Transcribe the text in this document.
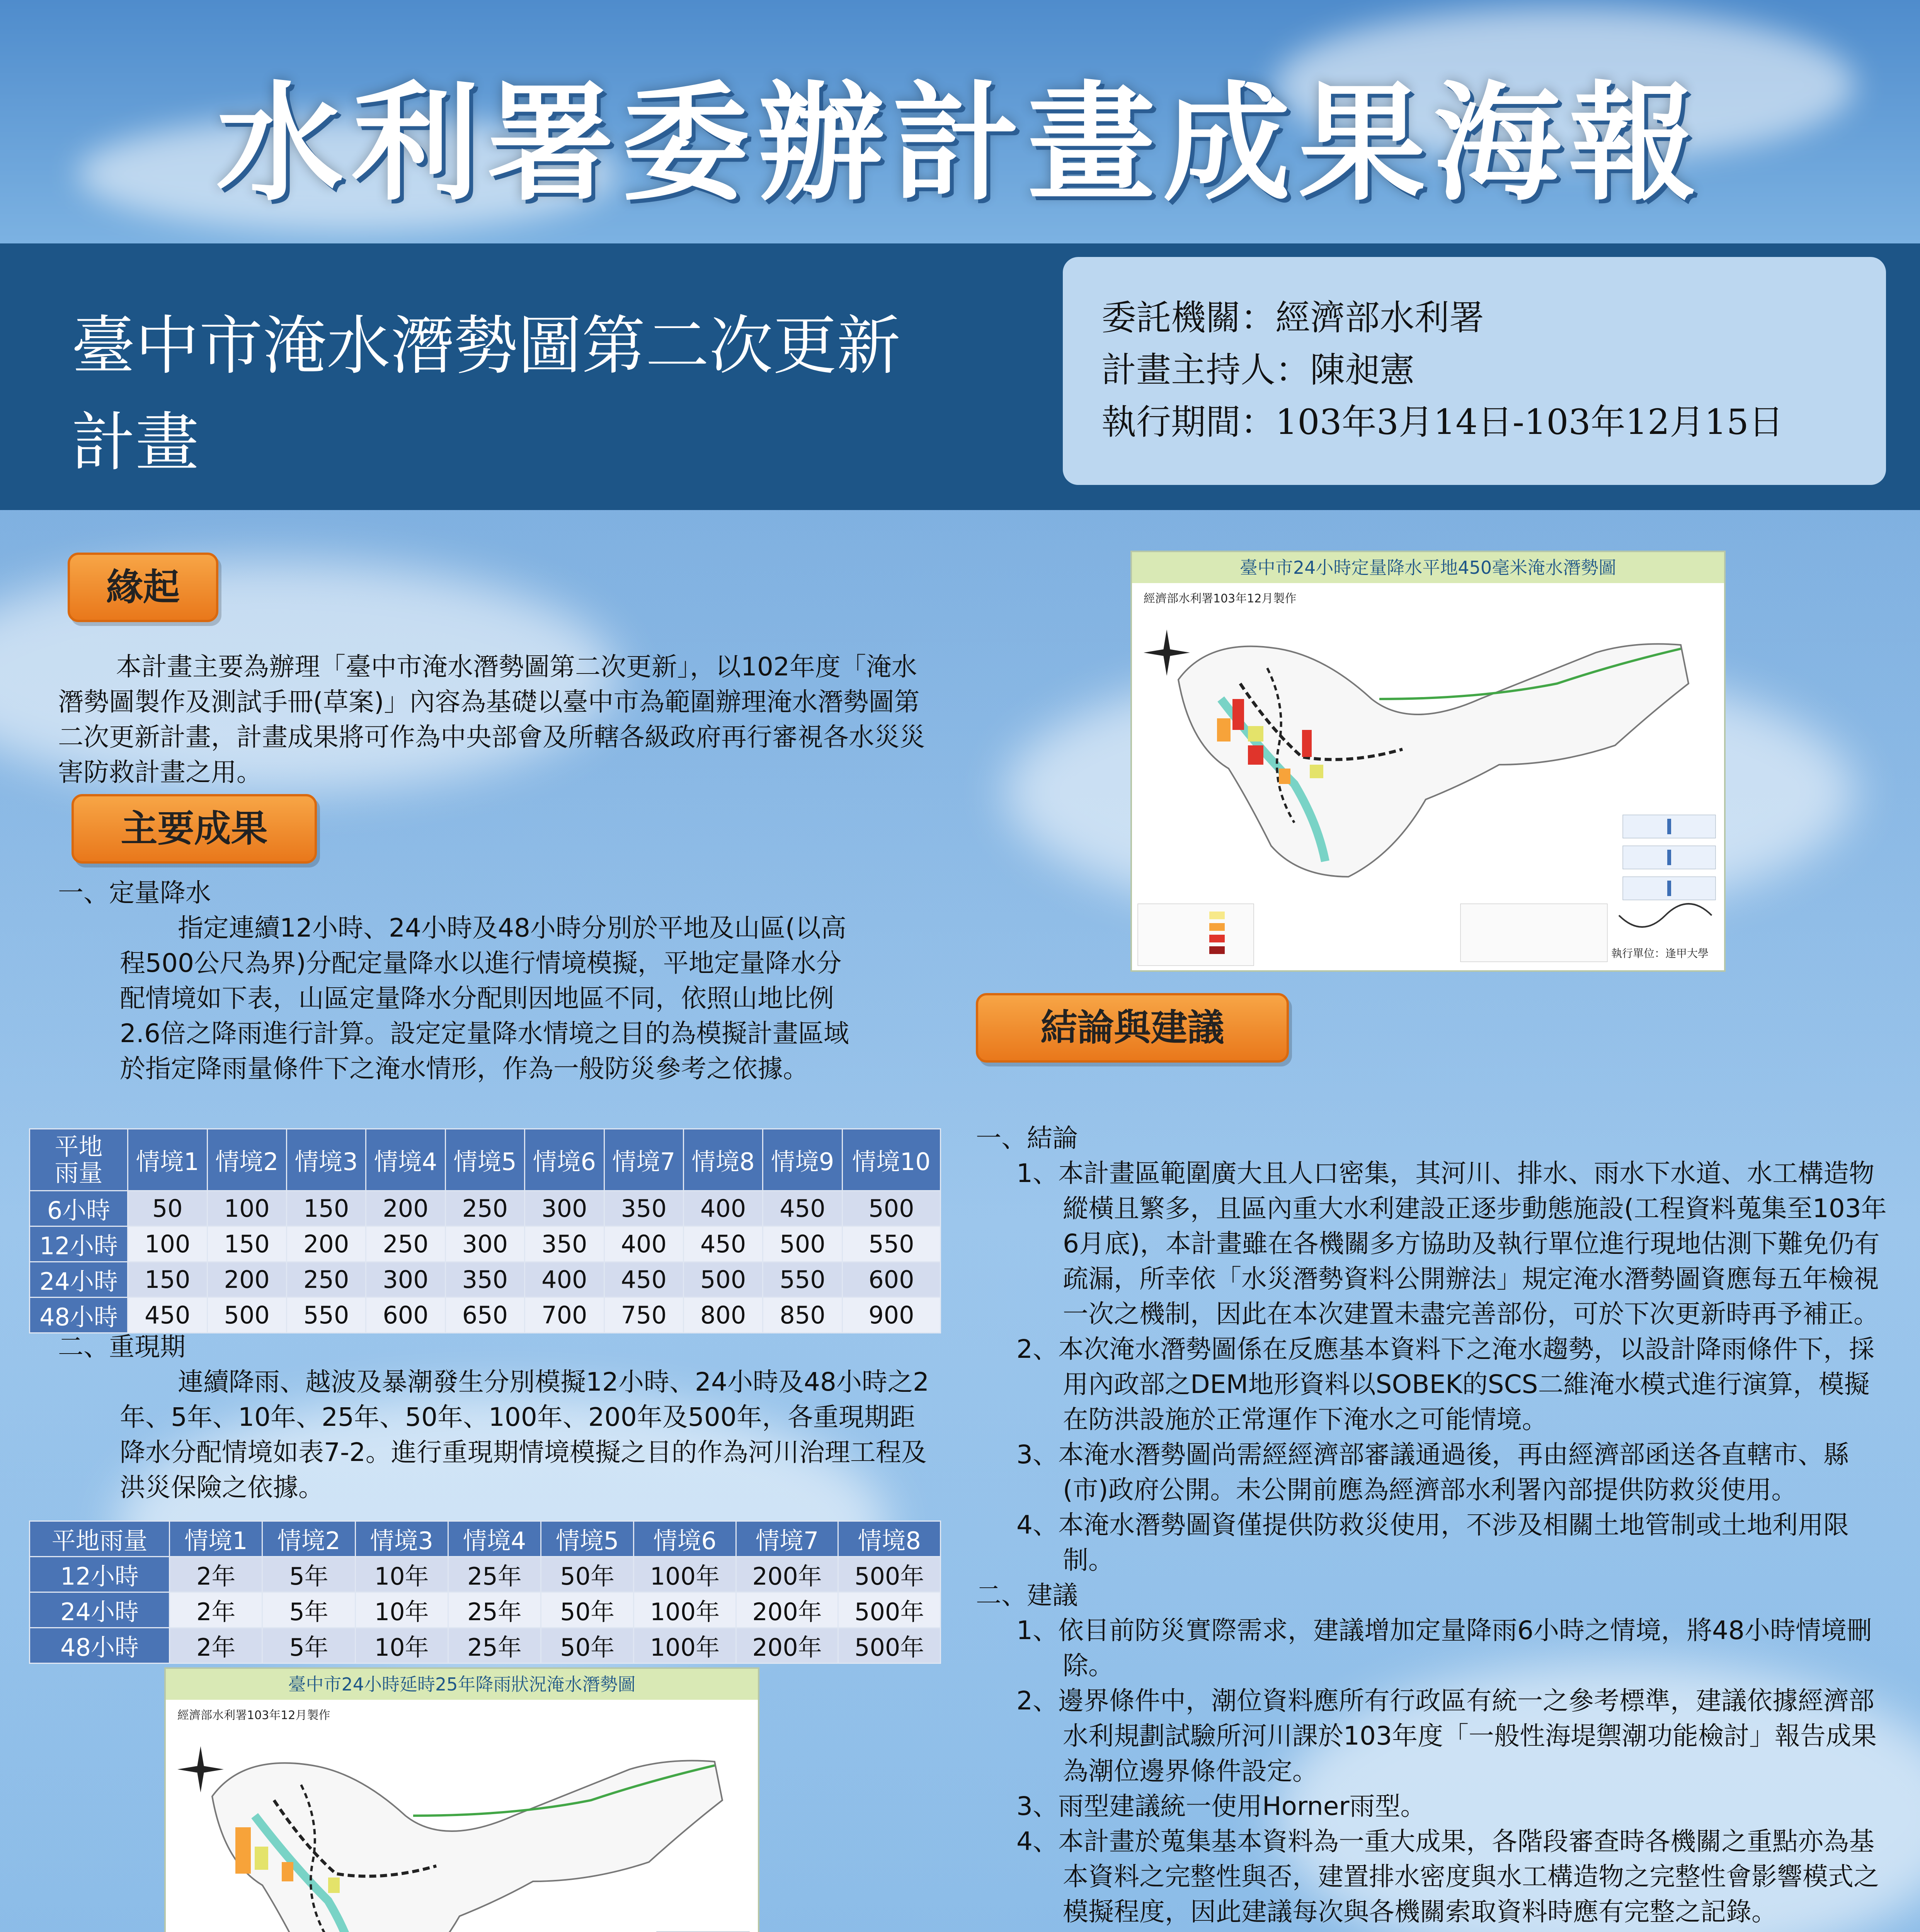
水利署委辦計畫成果海報
臺中市淹水潛勢圖第二次更新計畫
委託機關：經濟部水利署
計畫主持人：陳昶憲
執行期間：103年3月14日-103年12月15日
緣起

本計畫主要為辦理「臺中市淹水潛勢圖第二次更新」，以102年度「淹水潛勢圖製作及測試手冊(草案)」內容為基礎以臺中市為範圍辦理淹水潛勢圖第二次更新計畫，計畫成果將可作為中央部會及所轄各級政府再行審視各水災災害防救計畫之用。

主要成果

一、定量降水

指定連續12小時、24小時及48小時分別於平地及山區(以高程500公尺為界)分配定量降水以進行情境模擬，平地定量降水分配情境如下表，山區定量降水分配則因地區不同，依照山地比例2.6倍之降雨進行計算。設定定量降水情境之目的為模擬計畫區域於指定降雨量條件下之淹水情形，作為一般防災參考之依據。

平地
雨量	情境1	情境2	情境3	情境4	情境5	情境6	情境7	情境8	情境9	情境10
6小時	50	100	150	200	250	300	350	400	450	500
12小時	100	150	200	250	300	350	400	450	500	550
24小時	150	200	250	300	350	400	450	500	550	600
48小時	450	500	550	600	650	700	750	800	850	900

二、重現期

連續降雨、越波及暴潮發生分別模擬12小時、24小時及48小時之2年、5年、10年、25年、50年、100年、200年及500年，各重現期距降水分配情境如表7-2。進行重現期情境模擬之目的作為河川治理工程及洪災保險之依據。

平地雨量	情境1	情境2	情境3	情境4	情境5	情境6	情境7	情境8
12小時	2年	5年	10年	25年	50年	100年	200年	500年
24小時	2年	5年	10年	25年	50年	100年	200年	500年
48小時	2年	5年	10年	25年	50年	100年	200年	500年
臺中市24小時定量降水平地450毫米淹水潛勢圖
經濟部水利署103年12月製作
執行單位：逢甲大學
結論與建議

一、結論

1、本計畫區範圍廣大且人口密集，其河川、排水、雨水下水道、水工構造物縱橫且繁多，且區內重大水利建設正逐步動態施設(工程資料蒐集至103年6月底)，本計畫雖在各機關多方協助及執行單位進行現地估測下難免仍有疏漏，所幸依「水災潛勢資料公開辦法」規定淹水潛勢圖資應每五年檢視一次之機制，因此在本次建置未盡完善部份，可於下次更新時再予補正。

2、本次淹水潛勢圖係在反應基本資料下之淹水趨勢，以設計降雨條件下，採用內政部之DEM地形資料以SOBEK的SCS二維淹水模式進行演算，模擬在防洪設施於正常運作下淹水之可能情境。

3、本淹水潛勢圖尚需經經濟部審議通過後，再由經濟部函送各直轄市、縣(市)政府公開。未公開前應為經濟部水利署內部提供防救災使用。

4、本淹水潛勢圖資僅提供防救災使用，不涉及相關土地管制或土地利用限制。

二、建議

1、依目前防災實際需求，建議增加定量降雨6小時之情境，將48小時情境刪除。

2、邊界條件中，潮位資料應所有行政區有統一之參考標準，建議依據經濟部水利規劃試驗所河川課於103年度「一般性海堤禦潮功能檢討」報告成果為潮位邊界條件設定。

3、雨型建議統一使用Horner雨型。

4、本計畫於蒐集基本資料為一重大成果，各階段審查時各機關之重點亦為基本資料之完整性與否，建置排水密度與水工構造物之完整性會影響模式之模擬程度，因此建議每次與各機關索取資料時應有完整之記錄。

臺中市24小時延時25年降雨狀況淹水潛勢圖
經濟部水利署103年12月製作
